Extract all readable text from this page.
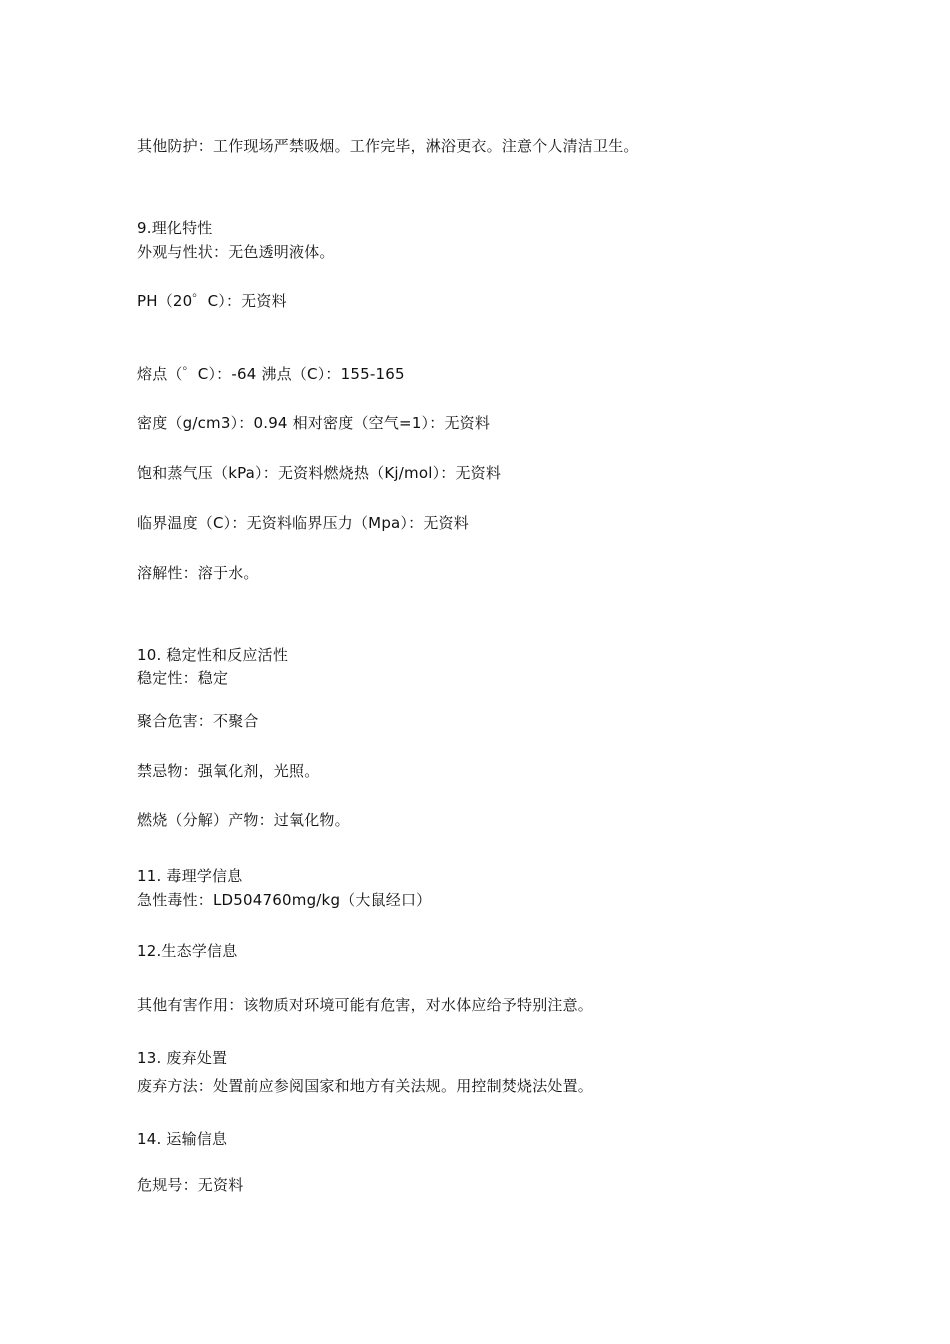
其他防护：工作现场严禁吸烟。工作完毕，淋浴更衣。注意个人清洁卫生。
9.理化特性
外观与性状：无色透明液体。
PH（20゜C）：无资料
熔点（゜C）：-64 沸点（C）：155-165
密度（g/cm3）：0.94 相对密度（空气=1）：无资料
饱和蒸气压（kPa）：无资料燃烧热（Kj/mol）：无资料
临界温度（C）：无资料临界压力（Mpa）：无资料
溶解性：溶于水。
10. 稳定性和反应活性
稳定性：稳定
聚合危害：不聚合
禁忌物：强氧化剂，光照。
燃烧（分解）产物：过氧化物。
11. 毒理学信息
急性毒性：LD504760mg/kg（大鼠经口）
12.生态学信息
其他有害作用：该物质对环境可能有危害，对水体应给予特别注意。
13. 废弃处置
废弃方法：处置前应参阅国家和地方有关法规。用控制焚烧法处置。
14. 运输信息
危规号：无资料
